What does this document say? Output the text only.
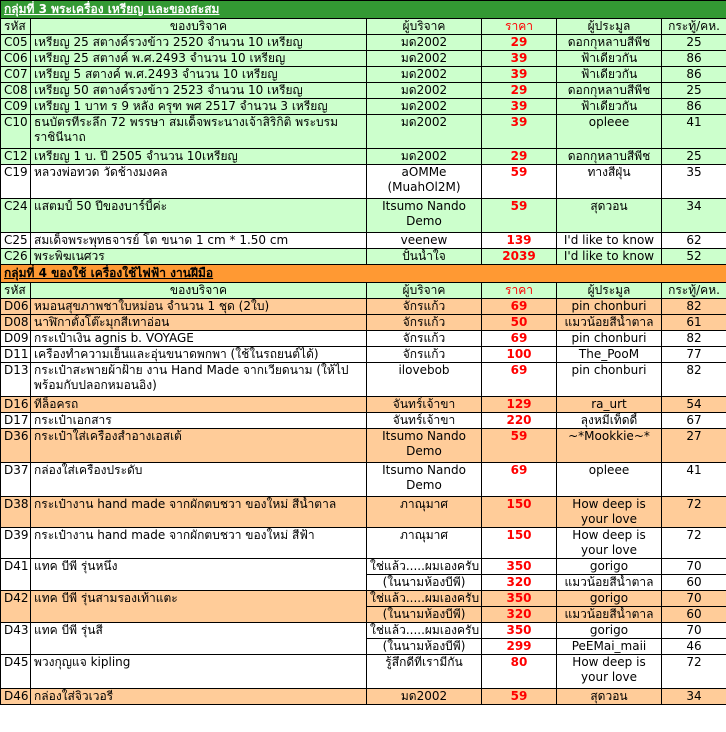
กลุ่มที่ 3 พระเครื่อง เหรียญ และของสะสม					
รหัส	ของบริจาค	ผู้บริจาค	ราคา	ผู้ประมูล	กระทู้/คห.
C05	เหรียญ 25 สตางค์รวงข้าว 2520 จำนวน 10 เหรียญ	มด2002	29	ดอกกุหลาบสีพีช	25
C06	เหรียญ 25 สตางค์ พ.ศ.2493 จำนวน 10 เหรียญ	มด2002	39	ฟ้าเดียวกัน	86
C07	เหรียญ 5 สตางค์ พ.ศ.2493 จำนวน 10 เหรียญ	มด2002	39	ฟ้าเดียวกัน	86
C08	เหรียญ 50 สตางค์รวงข้าว 2523 จำนวน 10 เหรียญ	มด2002	29	ดอกกุหลาบสีพีช	25
C09	เหรียญ 1 บาท ร 9 หลัง ครุฑ พศ 2517 จำนวน 3 เหรียญ	มด2002	39	ฟ้าเดียวกัน	86
C10	ธนบัตรที่ระลึก 72 พรรษา สมเด็จพระนางเจ้าสิริกิติ พระบรมราชินีนาถ	มด2002	39	opleee	41
C12	เหรียญ 1 บ. ปี 2505 จำนวน 10เหรียญ	มด2002	29	ดอกกุหลาบสีพีช	25
C19	หลวงพ่อทวด วัดช้างมงคล	aOMMe (MuahOl2M)	59	ทางสีฝุ่น	35
C24	แสตมป์ 50 ปีของบาร์บี้ค่ะ	Itsumo Nando Demo	59	สุดวอน	34
C25	สมเด็จพระพุทธจารย์ โต ขนาด 1 cm * 1.50 cm	veenew	139	I'd like to know	62
C26	พระพิฆเนศวร	ปั้นน้ำใจ	2039	I'd like to know	52
กลุ่มที่ 4 ของใช้ เครื่องใช้ไฟฟ้า งานฝีมือ					
รหัส	ของบริจาค	ผู้บริจาค	ราคา	ผู้ประมูล	กระทู้/คห.
D06	หมอนสุขภาพชาใบหม่อน จำนวน 1 ชุด (2ใบ)	จักรแก้ว	69	pin chonburi	82
D08	นาฬิกาตั้งโต๊ะมุกสีเทาอ่อน	จักรแก้ว	50	แมวน้อยสีน้ำตาล	61
D09	กระเป๋าเงิน agnis b. VOYAGE	จักรแก้ว	69	pin chonburi	82
D11	เครื่องทำความเย็นและอุ่นขนาดพกพา (ใช้ในรถยนต์ได้)	จักรแก้ว	100	The_PooM	77
D13	กระเป๋าสะพายผ้าฝ้าย งาน Hand Made จากเวียดนาม (ให้ไป พร้อมกับปลอกหมอนอิง)	ilovebob	69	pin chonburi	82
D16	ที่ล็อครถ	จันทร์เจ้าขา	129	ra_urt	54
D17	กระเป๋าเอกสาร	จันทร์เจ้าขา	220	ลุงหมีเท็ดดี้	67
D36	กระเป๋าใส่เครื่องสำอางเอสเต้	Itsumo Nando Demo	59	~*Mookkie~*	27
D37	กล่องใส่เครื่องประดับ	Itsumo Nando Demo	69	opleee	41
D38	กระเป๋างาน hand made จากผักตบชวา ของใหม่ สีน้ำตาล	ภาณุมาศ	150	How deep is your love	72
D39	กระเป๋างาน hand made จากผักตบชวา ของใหม่ สีฟ้า	ภาณุมาศ	150	How deep is your love	72
D41	แทค บีพี รุ่นหนึ่ง	ใช่แล้ว.....ผมเองครับ	350	gorigo	70
		(ในนามห้องบีพี)	320	แมวน้อยสีน้ำตาล	60
D42	แทค บีพี รุ่นสามรองเท้าแตะ	ใช่แล้ว.....ผมเองครับ	350	gorigo	70
		(ในนามห้องบีพี)	320	แมวน้อยสีน้ำตาล	60
D43	แทค บีพี รุ่นสี่	ใช่แล้ว.....ผมเองครับ	350	gorigo	70
		(ในนามห้องบีพี)	299	PeEMai_maii	46
D45	พวงกุญแจ kipling	รู้สึกดีที่เรามีกัน	80	How deep is your love	72
D46	กล่องใส่จิวเวอรี่	มด2002	59	สุดวอน	34
